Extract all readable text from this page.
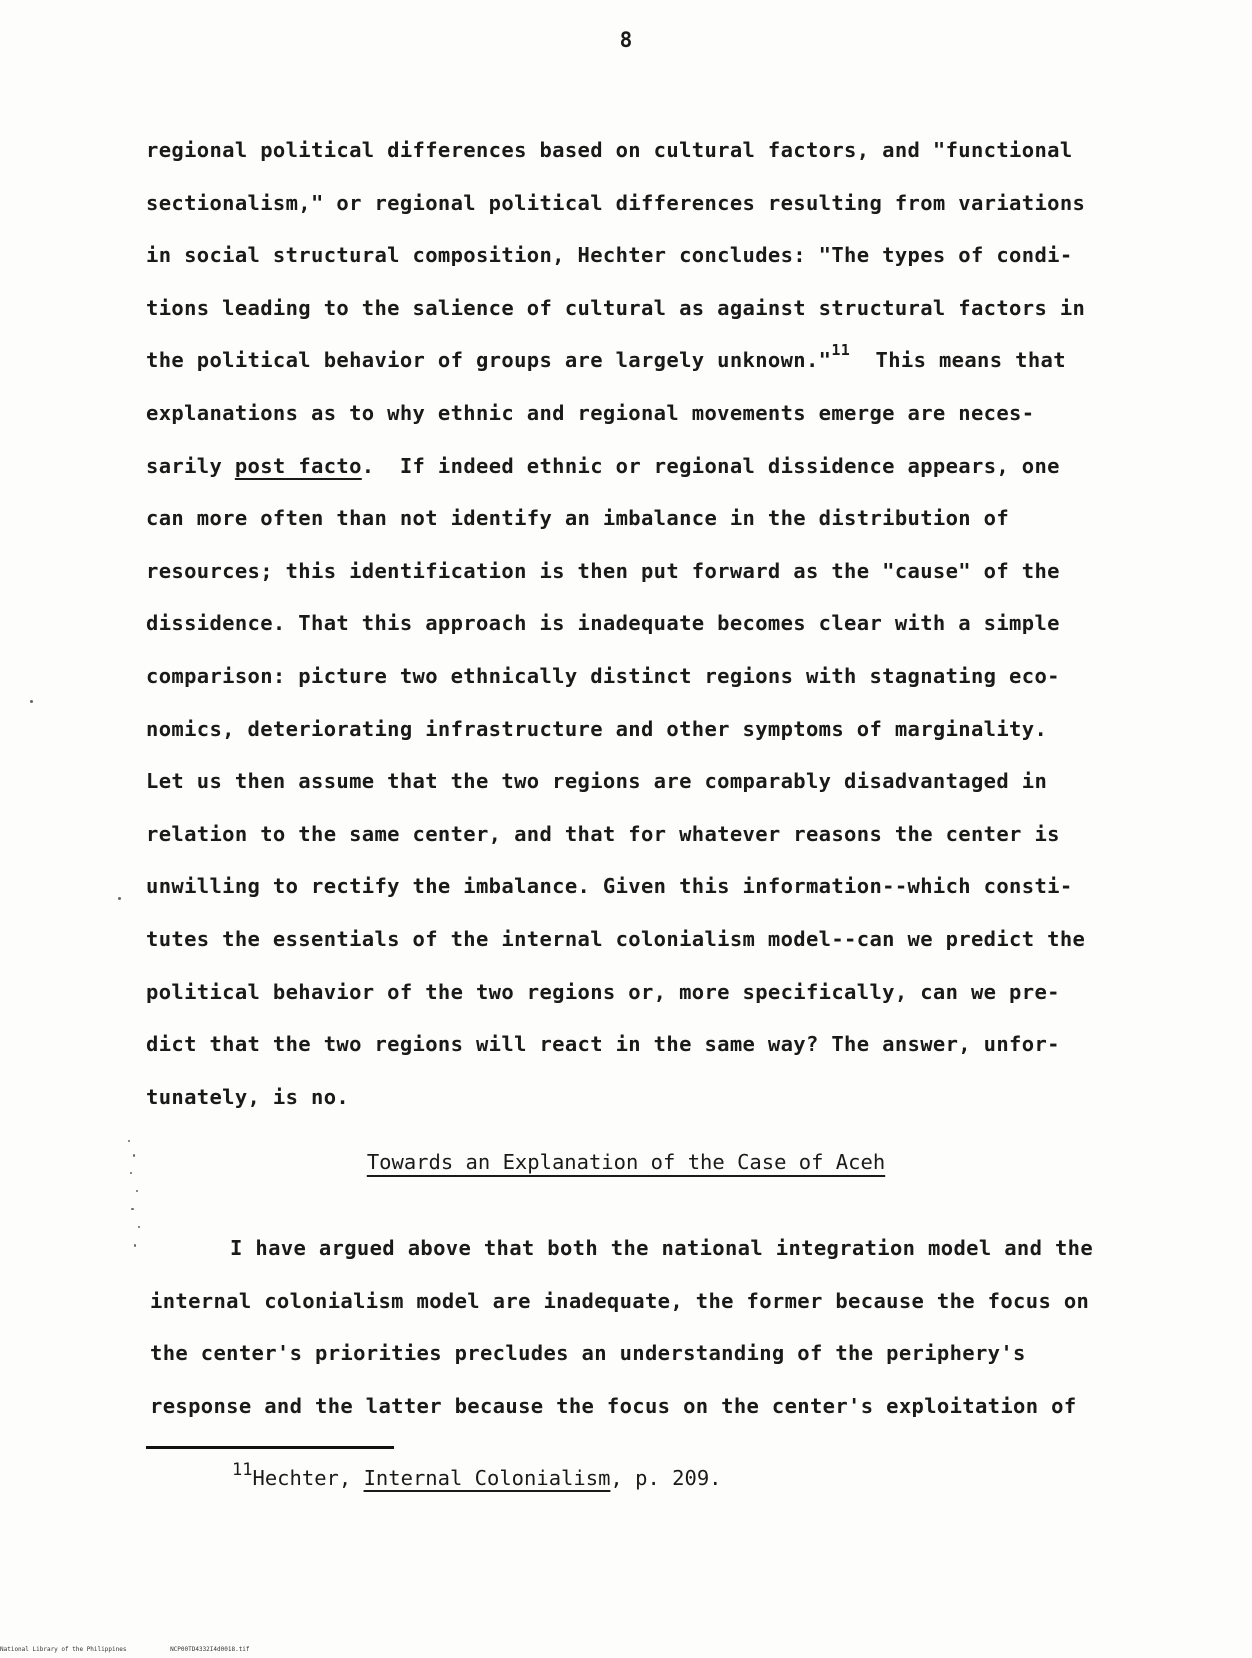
8
regional political differences based on cultural factors, and "functional
sectionalism," or regional political differences resulting from variations
in social structural composition, Hechter concludes: "The types of condi-
tions leading to the salience of cultural as against structural factors in
the political behavior of groups are largely unknown."$^{11}$  This means that
explanations as to why ethnic and regional movements emerge are neces-
sarily post facto.  If indeed ethnic or regional dissidence appears, one
can more often than not identify an imbalance in the distribution of
resources; this identification is then put forward as the "cause" of the
dissidence. That this approach is inadequate becomes clear with a simple
comparison: picture two ethnically distinct regions with stagnating eco-
nomics, deteriorating infrastructure and other symptoms of marginality.
Let us then assume that the two regions are comparably disadvantaged in
relation to the same center, and that for whatever reasons the center is
unwilling to rectify the imbalance. Given this information--which consti-
tutes the essentials of the internal colonialism model--can we predict the
political behavior of the two regions or, more specifically, can we pre-
dict that the two regions will react in the same way? The answer, unfor-
tunately, is no.
Towards an Explanation of the Case of Aceh
I have argued above that both the national integration model and the
internal colonialism model are inadequate, the former because the focus on
the center's priorities precludes an understanding of the periphery's
response and the latter because the focus on the center's exploitation of
$^{11}$Hechter, Internal Colonialism, p. 209.
National Library of the Philippines	NCP00TD4332I4d0018.tif
